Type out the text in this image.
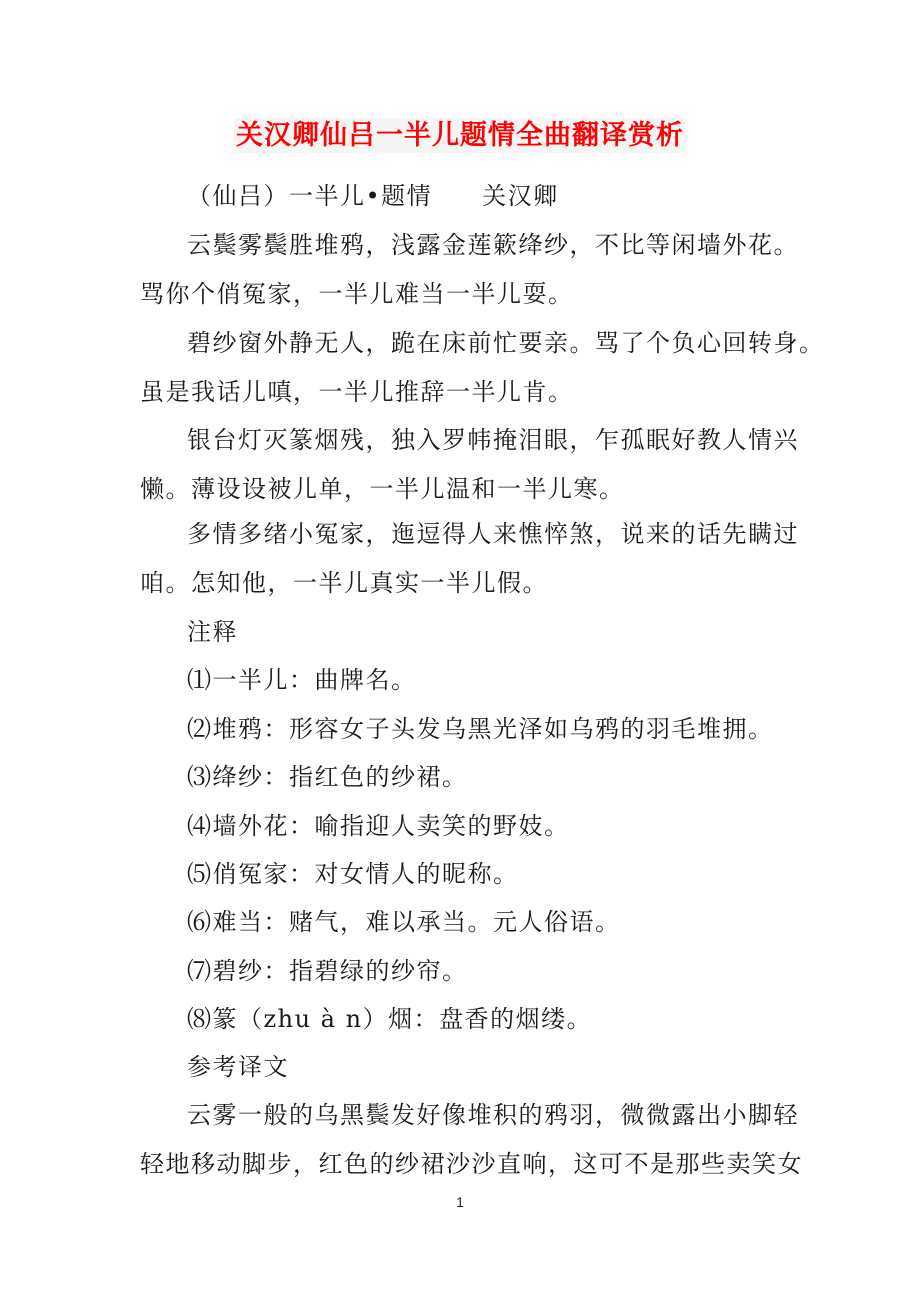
关汉卿仙吕一半儿题情全曲翻译赏析
（仙吕）一半儿•题情 关汉卿
云鬓雾鬓胜堆鸦，浅露金莲簌绛纱，不比等闲墙外花。
骂你个俏冤家，一半儿难当一半儿耍。
碧纱窗外静无人，跪在床前忙要亲。骂了个负心回转身。
虽是我话儿嗔，一半儿推辞一半儿肯。
银台灯灭篆烟残，独入罗帏掩泪眼，乍孤眠好教人情兴
懒。薄设设被儿单，一半儿温和一半儿寒。
多情多绪小冤家，迤逗得人来憔悴煞，说来的话先瞒过
咱。怎知他，一半儿真实一半儿假。
注释
⑴一半儿：曲牌名。
⑵堆鸦：形容女子头发乌黑光泽如乌鸦的羽毛堆拥。
⑶绛纱：指红色的纱裙。
⑷墙外花：喻指迎人卖笑的野妓。
⑸俏冤家：对女情人的昵称。
⑹难当：赌气，难以承当。元人俗语。
⑺碧纱：指碧绿的纱帘。
⑻篆（zhu à n）烟：盘香的烟缕。
参考译文
云雾一般的乌黑鬓发好像堆积的鸦羽，微微露出小脚轻
轻地移动脚步，红色的纱裙沙沙直响，这可不是那些卖笑女
1
